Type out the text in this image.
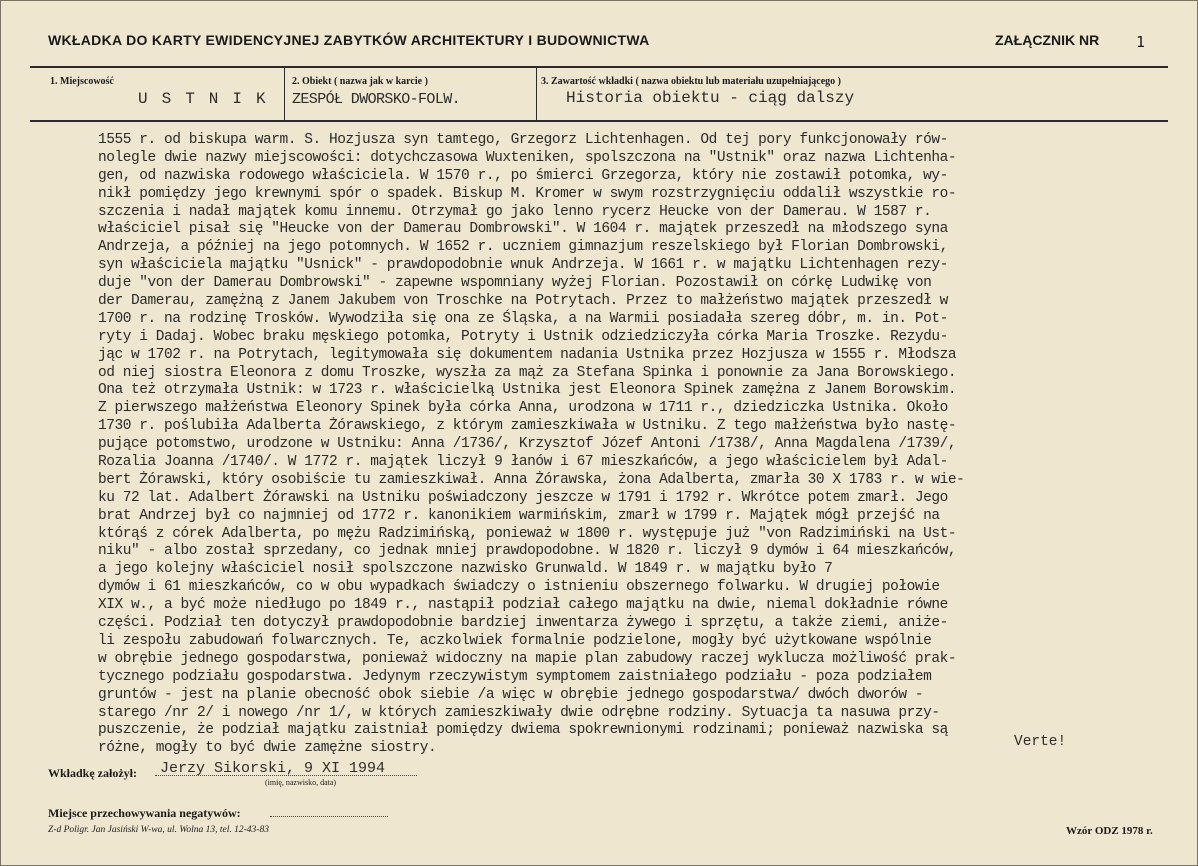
WKŁADKA DO KARTY EWIDENCYJNEJ ZABYTKÓW ARCHITEKTURY I BUDOWNICTWA	ZAŁĄCZNIK NR 1
1. Miejscowość
USTNIK
2. Obiekt ( nazwa jak w karcie )
ZESPÓŁ DWORSKO-FOLW.
3. Zawartość wkładki ( nazwa obiektu lub materiału uzupełniającego )
Historia obiektu - ciąg dalszy
1555 r. od biskupa warm. S. Hozjusza syn tamtego, Grzegorz Lichtenhagen. Od tej pory funkcjonowały rów-
nolegle dwie nazwy miejscowości: dotychczasowa Wuxteniken, spolszczona na "Ustnik" oraz nazwa Lichtenha-
gen, od nazwiska rodowego właściciela. W 1570 r., po śmierci Grzegorza, który nie zostawił potomka, wy-
nikł pomiędzy jego krewnymi spór o spadek. Biskup M. Kromer w swym rozstrzygnięciu oddalił wszystkie ro-
szczenia i nadał majątek komu innemu. Otrzymał go jako lenno rycerz Heucke von der Damerau. W 1587 r.
właściciel pisał się "Heucke von der Damerau Dombrowski". W 1604 r. majątek przeszedł na młodszego syna
Andrzeja, a później na jego potomnych. W 1652 r. uczniem gimnazjum reszelskiego był Florian Dombrowski,
syn właściciela majątku "Usnick" - prawdopodobnie wnuk Andrzeja. W 1661 r. w majątku Lichtenhagen rezy-
duje "von der Damerau Dombrowski" - zapewne wspomniany wyżej Florian. Pozostawił on córkę Ludwikę von
der Damerau, zamężną z Janem Jakubem von Troschke na Potrytach. Przez to małżeństwo majątek przeszedł w
1700 r. na rodzinę Trosków. Wywodziła się ona ze Śląska, a na Warmii posiadała szereg dóbr, m. in. Pot-
ryty i Dadaj. Wobec braku męskiego potomka, Potryty i Ustnik odziedziczyła córka Maria Troszke. Rezydu-
jąc w 1702 r. na Potrytach, legitymowała się dokumentem nadania Ustnika przez Hozjusza w 1555 r. Młodsza
od niej siostra Eleonora z domu Troszke, wyszła za mąż za Stefana Spinka i ponownie za Jana Borowskiego.
Ona też otrzymała Ustnik: w 1723 r. właścicielką Ustnika jest Eleonora Spinek zamężna z Janem Borowskim.
Z pierwszego małżeństwa Eleonory Spinek była córka Anna, urodzona w 1711 r., dziedziczka Ustnika. Około
1730 r. poślubiła Adalberta Żórawskiego, z którym zamieszkiwała w Ustniku. Z tego małżeństwa było nastę-
pujące potomstwo, urodzone w Ustniku: Anna /1736/, Krzysztof Józef Antoni /1738/, Anna Magdalena /1739/,
Rozalia Joanna /1740/. W 1772 r. majątek liczył 9 łanów i 67 mieszkańców, a jego właścicielem był Adal-
bert Żórawski, który osobiście tu zamieszkiwał. Anna Żórawska, żona Adalberta, zmarła 30 X 1783 r. w wie-
ku 72 lat. Adalbert Żórawski na Ustniku poświadczony jeszcze w 1791 i 1792 r. Wkrótce potem zmarł. Jego
brat Andrzej był co najmniej od 1772 r. kanonikiem warmińskim, zmarł w 1799 r. Majątek mógł przejść na
którąś z córek Adalberta, po mężu Radzimińską, ponieważ w 1800 r. występuje już "von Radzimiński na Ust-
niku" - albo został sprzedany, co jednak mniej prawdopodobne. W 1820 r. liczył 9 dymów i 64 mieszkańców,
a jego kolejny właściciel nosił spolszczone nazwisko Grunwald. W 1849 r. w majątku było 7
dymów i 61 mieszkańców, co w obu wypadkach świadczy o istnieniu obszernego folwarku. W drugiej połowie
XIX w., a być może niedługo po 1849 r., nastąpił podział całego majątku na dwie, niemal dokładnie równe
części. Podział ten dotyczył prawdopodobnie bardziej inwentarza żywego i sprzętu, a także ziemi, aniże-
li zespołu zabudowań folwarcznych. Te, aczkolwiek formalnie podzielone, mogły być użytkowane wspólnie
w obrębie jednego gospodarstwa, ponieważ widoczny na mapie plan zabudowy raczej wyklucza możliwość prak-
tycznego podziału gospodarstwa. Jedynym rzeczywistym symptomem zaistniałego podziału - poza podziałem
gruntów - jest na planie obecność obok siebie /a więc w obrębie jednego gospodarstwa/ dwóch dworów -
starego /nr 2/ i nowego /nr 1/, w których zamieszkiwały dwie odrębne rodziny. Sytuacja ta nasuwa przy-
puszczenie, że podział majątku zaistniał pomiędzy dwiema spokrewnionymi rodzinami; ponieważ nazwiska są
różne, mogły to być dwie zamężne siostry.	Verte!
Wkładkę założył: Jerzy Sikorski, 9 XI 1994
(imię, nazwisko, data)
Miejsce przechowywania negatywów:
Z-d Poligr. Jan Jasiński W-wa, ul. Wolna 13, tel. 12-43-83	Wzór ODZ 1978 r.
